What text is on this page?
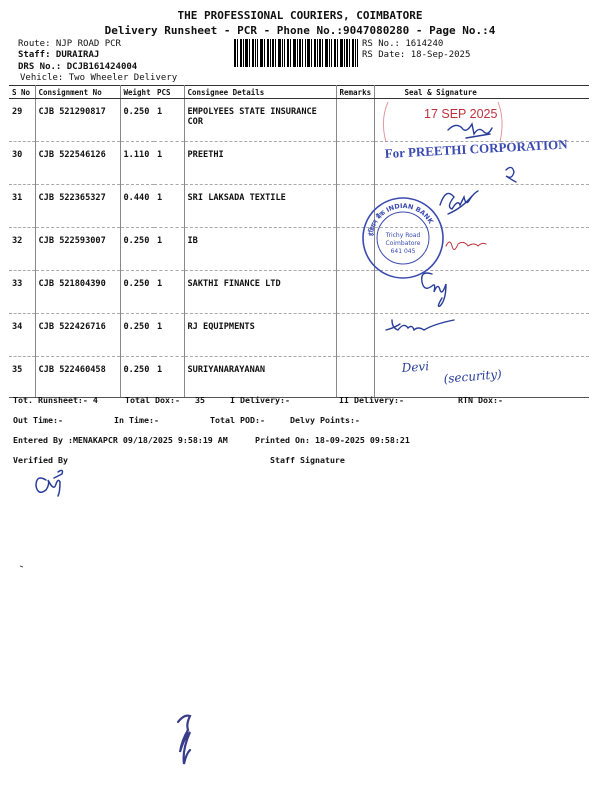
THE PROFESSIONAL COURIERS, COIMBATORE
Delivery Runsheet - PCR - Phone No.:9047080280 - Page No.:4
Route: NJP ROAD PCR
Staff: DURAIRAJ
DRS No.: DCJB161424004
Vehicle: Two Wheeler Delivery
RS No.: 1614240
RS Date: 18-Sep-2025
S No	Consignment No	Weight	PCS	Consignee Details	Remarks	Seal & Signature
29	CJB 521290817	0.250	1	EMPOLYEES STATE INSURANCE COR		
30	CJB 522546126	1.110	1	PREETHI		
31	CJB 522365327	0.440	1	SRI LAKSADA TEXTILE		
32	CJB 522593007	0.250	1	IB		
33	CJB 521804390	0.250	1	SAKTHI FINANCE LTD		
34	CJB 522426716	0.250	1	RJ EQUIPMENTS		
35	CJB 522460458	0.250	1	SURIYANARAYANAN		
17 SEP 2025
For PREETHI CORPORATION
इंडियन बैंक INDIAN BANK
Trichy Road
Coimbatore
641 045
Devi (security)
Tot. Runsheet:- 4	Total Dox:- 35	I Delivery:-	II Delivery:-	RTN Dox:-
Out Time:-	In Time:-	Total POD:-	Delvy Points:-
Entered By :MENAKAPCR 09/18/2025 9:58:19 AM	Printed On: 18-09-2025 09:58:21
Verified By	Staff Signature
